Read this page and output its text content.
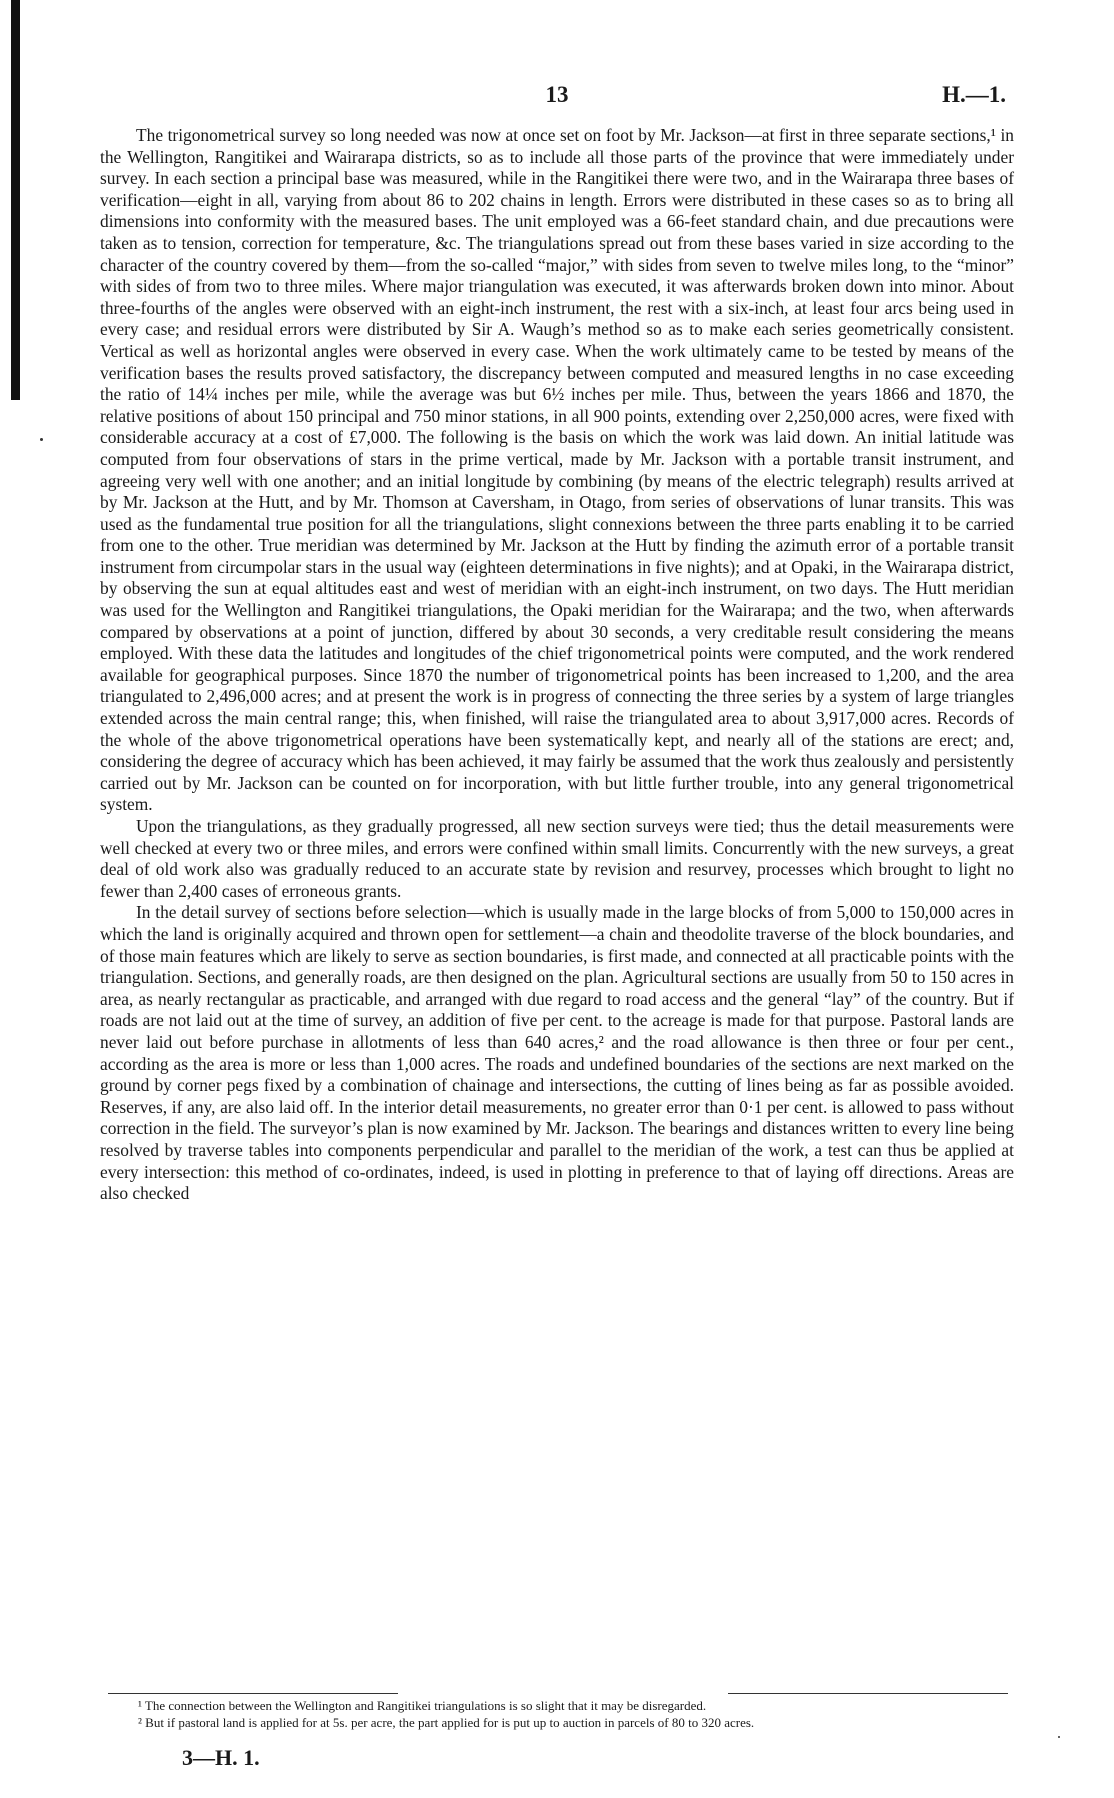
13	H.—1.

The trigonometrical survey so long needed was now at once set on foot by Mr. Jackson—at first in three separate sections,¹ in the Wellington, Rangitikei and Wairarapa districts, so as to include all those parts of the province that were immediately under survey. In each section a principal base was measured, while in the Rangitikei there were two, and in the Wairarapa three bases of verification—eight in all, varying from about 86 to 202 chains in length. Errors were distributed in these cases so as to bring all dimensions into conformity with the measured bases. The unit employed was a 66-feet standard chain, and due precautions were taken as to tension, correction for temperature, &c. The triangulations spread out from these bases varied in size according to the character of the country covered by them—from the so-called “major,” with sides from seven to twelve miles long, to the “minor” with sides of from two to three miles. Where major triangulation was executed, it was afterwards broken down into minor. About three-fourths of the angles were observed with an eight-inch instrument, the rest with a six-inch, at least four arcs being used in every case; and residual errors were distributed by Sir A. Waugh’s method so as to make each series geometrically consistent. Vertical as well as horizontal angles were observed in every case. When the work ultimately came to be tested by means of the verification bases the results proved satisfactory, the discrepancy between computed and measured lengths in no case exceeding the ratio of 14¼ inches per mile, while the average was but 6½ inches per mile. Thus, between the years 1866 and 1870, the relative positions of about 150 principal and 750 minor stations, in all 900 points, extending over 2,250,000 acres, were fixed with considerable accuracy at a cost of £7,000. The following is the basis on which the work was laid down. An initial latitude was computed from four observations of stars in the prime vertical, made by Mr. Jackson with a portable transit instrument, and agreeing very well with one another; and an initial longitude by combining (by means of the electric telegraph) results arrived at by Mr. Jackson at the Hutt, and by Mr. Thomson at Caversham, in Otago, from series of observations of lunar transits. This was used as the fundamental true position for all the triangulations, slight connexions between the three parts enabling it to be carried from one to the other. True meridian was determined by Mr. Jackson at the Hutt by finding the azimuth error of a portable transit instrument from circumpolar stars in the usual way (eighteen determinations in five nights); and at Opaki, in the Wairarapa district, by observing the sun at equal altitudes east and west of meridian with an eight-inch instrument, on two days. The Hutt meridian was used for the Wellington and Rangitikei triangulations, the Opaki meridian for the Wairarapa; and the two, when afterwards compared by observations at a point of junction, differed by about 30 seconds, a very creditable result considering the means employed. With these data the latitudes and longitudes of the chief trigonometrical points were computed, and the work rendered available for geographical purposes. Since 1870 the number of trigonometrical points has been increased to 1,200, and the area triangulated to 2,496,000 acres; and at present the work is in progress of connecting the three series by a system of large triangles extended across the main central range; this, when finished, will raise the triangulated area to about 3,917,000 acres. Records of the whole of the above trigonometrical operations have been systematically kept, and nearly all of the stations are erect; and, considering the degree of accuracy which has been achieved, it may fairly be assumed that the work thus zealously and persistently carried out by Mr. Jackson can be counted on for incorporation, with but little further trouble, into any general trigonometrical system.

Upon the triangulations, as they gradually progressed, all new section surveys were tied; thus the detail measurements were well checked at every two or three miles, and errors were confined within small limits. Concurrently with the new surveys, a great deal of old work also was gradually reduced to an accurate state by revision and resurvey, processes which brought to light no fewer than 2,400 cases of erroneous grants.

In the detail survey of sections before selection—which is usually made in the large blocks of from 5,000 to 150,000 acres in which the land is originally acquired and thrown open for settlement—a chain and theodolite traverse of the block boundaries, and of those main features which are likely to serve as section boundaries, is first made, and connected at all practicable points with the triangulation. Sections, and generally roads, are then designed on the plan. Agricultural sections are usually from 50 to 150 acres in area, as nearly rectangular as practicable, and arranged with due regard to road access and the general “lay” of the country. But if roads are not laid out at the time of survey, an addition of five per cent. to the acreage is made for that purpose. Pastoral lands are never laid out before purchase in allotments of less than 640 acres,² and the road allowance is then three or four per cent., according as the area is more or less than 1,000 acres. The roads and undefined boundaries of the sections are next marked on the ground by corner pegs fixed by a combination of chainage and intersections, the cutting of lines being as far as possible avoided. Reserves, if any, are also laid off. In the interior detail measurements, no greater error than 0·1 per cent. is allowed to pass without correction in the field. The surveyor’s plan is now examined by Mr. Jackson. The bearings and distances written to every line being resolved by traverse tables into components perpendicular and parallel to the meridian of the work, a test can thus be applied at every intersection: this method of co-ordinates, indeed, is used in plotting in preference to that of laying off directions. Areas are also checked

¹ The connection between the Wellington and Rangitikei triangulations is so slight that it may be disregarded.

² But if pastoral land is applied for at 5s. per acre, the part applied for is put up to auction in parcels of 80 to 320 acres.

3—H. 1.
